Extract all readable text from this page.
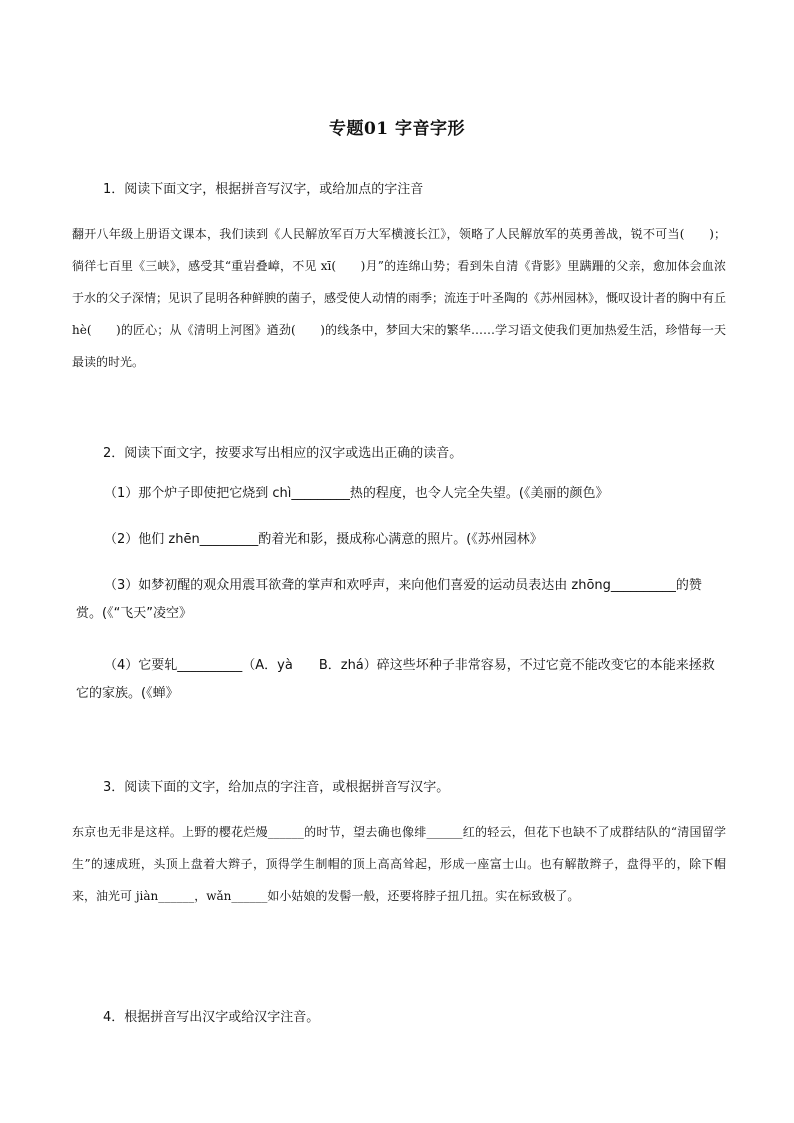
专题01 字音字形
1．阅读下面文字，根据拼音写汉字，或给加点的字注音
翻开八年级上册语文课本，我们读到《人民解放军百万大军横渡长江》，领略了人民解放军的英勇善战，锐不可当(　　)； 徜徉七百里《三峡》，感受其“重岩叠嶂，不见 xī(　　)月”的连绵山势；看到朱自清《背影》里蹒跚的父亲，愈加体会血浓于水的父子深情；见识了昆明各种鲜腴的菌子，感受使人动情的雨季；流连于叶圣陶的《苏州园林》，慨叹设计者的胸中有丘 hè(　　)的匠心；从《清明上河图》遒劲(　　)的线条中，梦回大宋的繁华……学习语文使我们更加热爱生活，珍惜每一天最读的时光。
2．阅读下面文字，按要求写出相应的汉字或选出正确的读音。
（1）那个炉子即使把它烧到 chì_________热的程度，也令人完全失望。(《美丽的颜色》
（2）他们 zhēn_________酌着光和影，摄成称心满意的照片。(《苏州园林》
（3）如梦初醒的观众用震耳欲聋的掌声和欢呼声，来向他们喜爱的运动员表达由 zhōng__________的赞赏。(《“飞天”凌空》
（4）它要轧__________（A．yà　　B．zhá）碎这些坏种子非常容易，不过它竟不能改变它的本能来拯救它的家族。(《蝉》
3．阅读下面的文字，给加点的字注音，或根据拼音写汉字。
东京也无非是这样。上野的樱花烂熳______的时节，望去确也像绯______红的轻云，但花下也缺不了成群结队的“清国留学生”的速成班，头顶上盘着大辫子，顶得学生制帽的顶上高高耸起，形成一座富士山。也有解散辫子，盘得平的，除下帽来，油光可 jiàn______，wǎn______如小姑娘的发髻一般，还要将脖子扭几扭。实在标致极了。
4．根据拼音写出汉字或给汉字注音。
